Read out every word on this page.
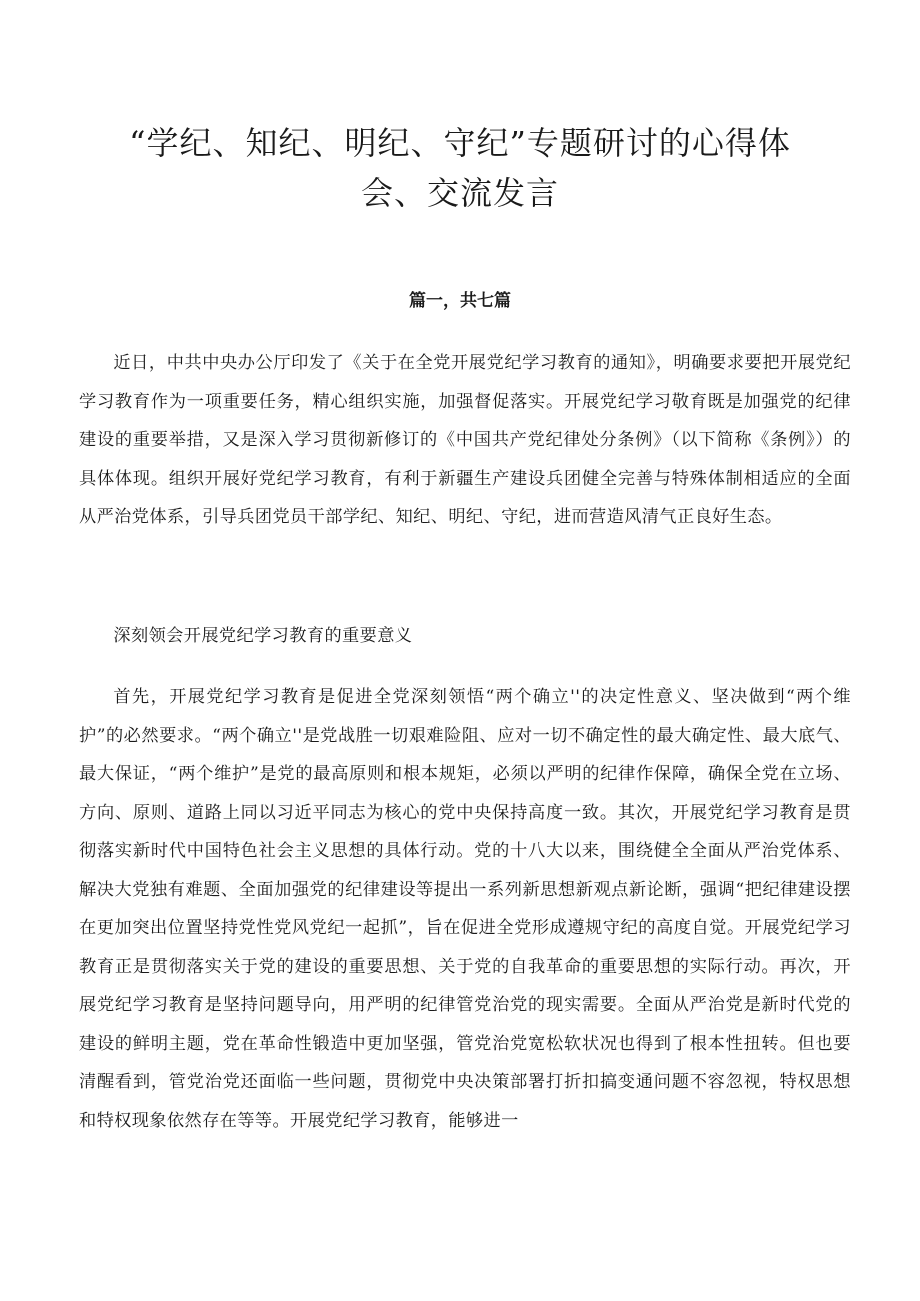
“学纪、知纪、明纪、守纪”专题研讨的心得体会、交流发言

篇一，共七篇

近日，中共中央办公厅印发了《关于在全党开展党纪学习教育的通知》，明确要求要把开展党纪学习教育作为一项重要任务，精心组织实施，加强督促落实。开展党纪学习敬育既是加强党的纪律建设的重要举措，又是深入学习贯彻新修订的《中国共产党纪律处分条例》（以下简称《条例》）的具体体现。组织开展好党纪学习教育，有利于新疆生产建设兵团健全完善与特殊体制相适应的全面从严治党体系，引导兵团党员干部学纪、知纪、明纪、守纪，进而营造风清气正良好生态。

深刻领会开展党纪学习教育的重要意义

首先，开展党纪学习教育是促进全党深刻领悟“两个确立''的决定性意义、坚决做到“两个维护”的必然要求。“两个确立''是党战胜一切艰难险阻、应对一切不确定性的最大确定性、最大底气、最大保证，“两个维护”是党的最高原则和根本规矩，必须以严明的纪律作保障，确保全党在立场、方向、原则、道路上同以习近平同志为核心的党中央保持高度一致。其次，开展党纪学习教育是贯彻落实新时代中国特色社会主义思想的具体行动。党的十八大以来，围绕健全全面从严治党体系、解决大党独有难题、全面加强党的纪律建设等提出一系列新思想新观点新论断，强调“把纪律建设摆在更加突出位置坚持党性党风党纪一起抓”，旨在促进全党形成遵规守纪的高度自觉。开展党纪学习教育正是贯彻落实关于党的建设的重要思想、关于党的自我革命的重要思想的实际行动。再次，开展党纪学习教育是坚持问题导向，用严明的纪律管党治党的现实需要。全面从严治党是新时代党的建设的鲜明主题，党在革命性锻造中更加坚强，管党治党宽松软状况也得到了根本性扭转。但也要清醒看到，管党治党还面临一些问题，贯彻党中央决策部署打折扣搞变通问题不容忽视，特权思想和特权现象依然存在等等。开展党纪学习教育，能够进一
